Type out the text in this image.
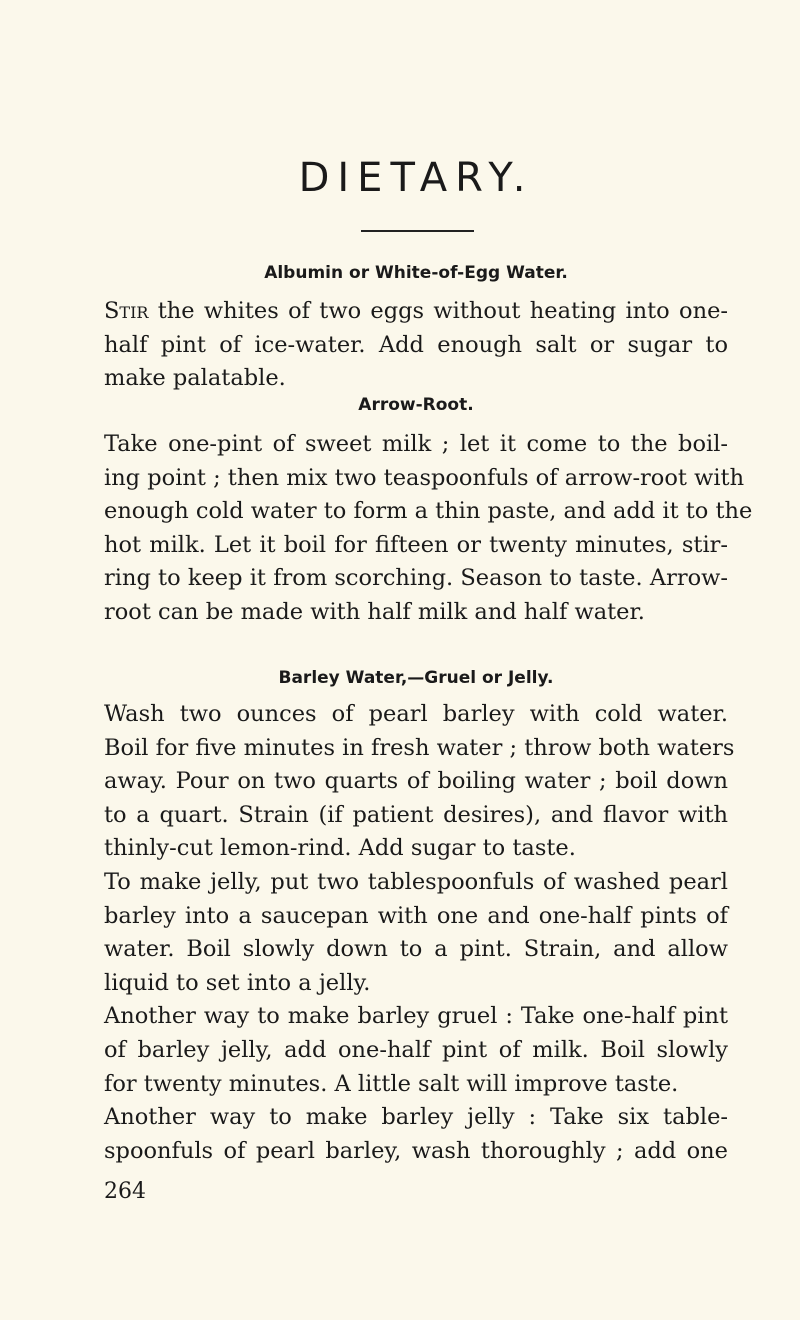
DIETARY.
Albumin or White-of-Egg Water.
Stir the whites of two eggs without heating into one-
half pint of ice-water. Add enough salt or sugar to
make palatable.
Arrow-Root.
Take one-pint of sweet milk ; let it come to the boil-
ing point ; then mix two teaspoonfuls of arrow-root with
enough cold water to form a thin paste, and add it to the
hot milk. Let it boil for fifteen or twenty minutes, stir-
ring to keep it from scorching. Season to taste. Arrow-
root can be made with half milk and half water.
Barley Water,—Gruel or Jelly.
Wash two ounces of pearl barley with cold water.
Boil for five minutes in fresh water ; throw both waters
away. Pour on two quarts of boiling water ; boil down
to a quart. Strain (if patient desires), and flavor with
thinly-cut lemon-rind. Add sugar to taste.
To make jelly, put two tablespoonfuls of washed pearl
barley into a saucepan with one and one-half pints of
water. Boil slowly down to a pint. Strain, and allow
liquid to set into a jelly.
Another way to make barley gruel : Take one-half pint
of barley jelly, add one-half pint of milk. Boil slowly
for twenty minutes. A little salt will improve taste.
Another way to make barley jelly : Take six table-
spoonfuls of pearl barley, wash thoroughly ; add one
264
